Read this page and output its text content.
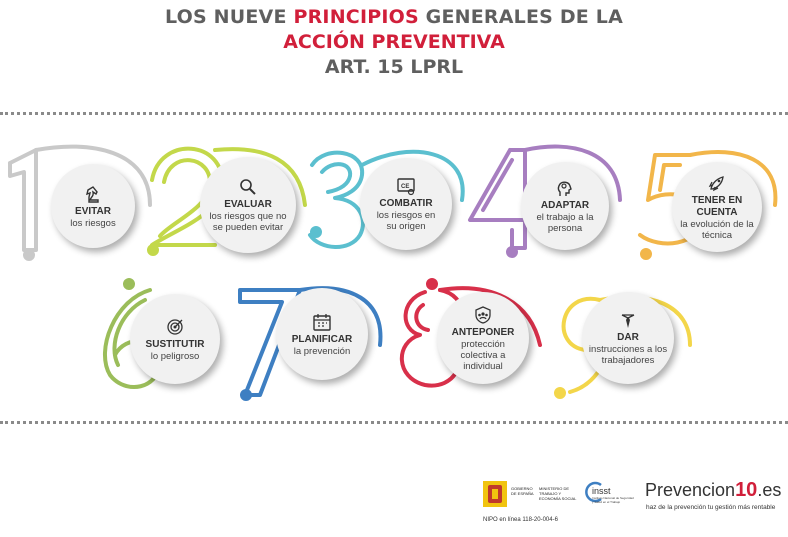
LOS NUEVE PRINCIPIOS GENERALES DE LA
ACCIÓN PREVENTIVA
ART. 15 LPRL
EVITAR
los riesgos
EVALUAR
los riesgos que no se pueden evitar
CE
COMBATIR
los riesgos en su origen
ADAPTAR
el trabajo a la persona
TENER EN CUENTA
la evolución de la técnica
SUSTITUTIR
lo peligroso
PLANIFICAR
la prevención
ANTEPONER
protección colectiva a individual
DAR
instrucciones a los trabajadores
GOBIERNO DE ESPAÑA
MINISTERIO DE TRABAJO Y ECONOMÍA SOCIAL
insst
Instituto Nacional de Seguridad y Salud en el Trabajo
NIPO en línea 118-20-004-6
Prevencion10.es
haz de la prevención tu gestión más rentable
